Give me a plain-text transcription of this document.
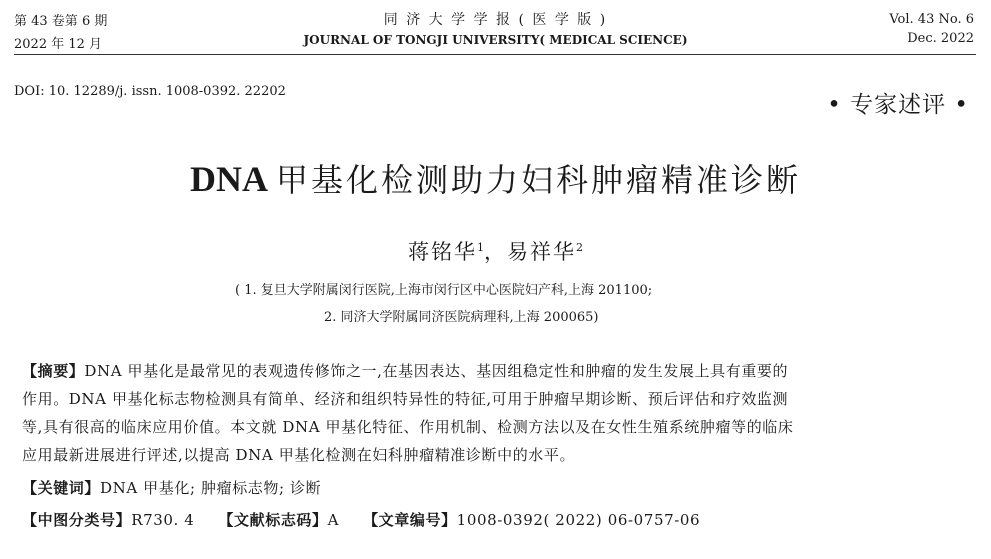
第 43 卷第 6 期
2022 年 12 月
同 济 大 学 学 报 ( 医 学 版 )
JOURNAL OF TONGJI UNIVERSITY( MEDICAL SCIENCE)
Vol. 43 No. 6
Dec. 2022
DOI: 10. 12289/j. issn. 1008-0392. 22202
• 专家述评 •
DNA 甲基化检测助力妇科肿瘤精准诊断
蒋铭华$^1$，易祥华$^2$
( 1. 复旦大学附属闵行医院,上海市闵行区中心医院妇产科,上海 201100;
2. 同济大学附属同济医院病理科,上海 200065)
【摘要】DNA 甲基化是最常见的表观遗传修饰之一,在基因表达、基因组稳定性和肿瘤的发生发展上具有重要的
作用。DNA 甲基化标志物检测具有简单、经济和组织特异性的特征,可用于肿瘤早期诊断、预后评估和疗效监测
等,具有很高的临床应用价值。本文就 DNA 甲基化特征、作用机制、检测方法以及在女性生殖系统肿瘤等的临床
应用最新进展进行评述,以提高 DNA 甲基化检测在妇科肿瘤精准诊断中的水平。
【关键词】DNA 甲基化; 肿瘤标志物; 诊断
【中图分类号】R730. 4 【文献标志码】A 【文章编号】1008-0392( 2022) 06-0757-06
